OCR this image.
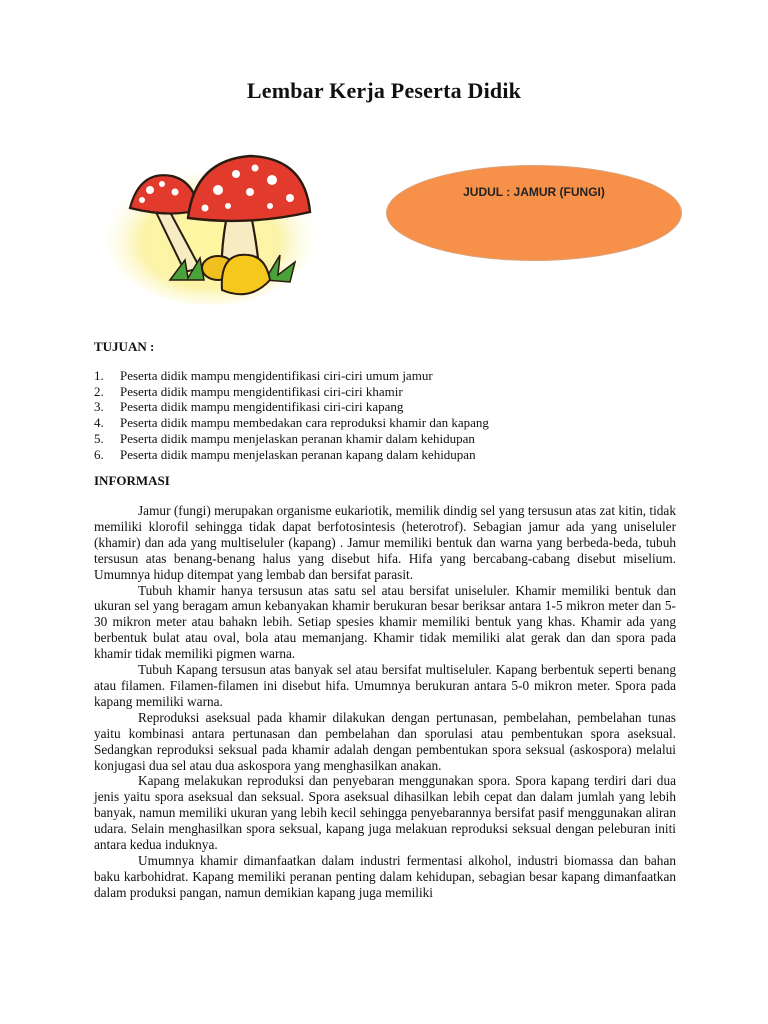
Lembar Kerja Peserta Didik
JUDUL : JAMUR (FUNGI)
TUJUAN :
1.	Peserta didik mampu mengidentifikasi ciri-ciri umum jamur
2.	Peserta didik mampu mengidentifikasi ciri-ciri khamir
3.	Peserta didik mampu mengidentifikasi ciri-ciri kapang
4.	Peserta didik mampu membedakan cara reproduksi khamir dan kapang
5.	Peserta didik mampu menjelaskan peranan khamir dalam kehidupan
6.	Peserta didik mampu menjelaskan peranan kapang dalam kehidupan
INFORMASI

Jamur (fungi) merupakan organisme eukariotik, memilik dindig sel yang tersusun atas zat kitin, tidak memiliki klorofil sehingga tidak dapat berfotosintesis (heterotrof). Sebagian jamur ada yang uniseluler (khamir) dan ada yang multiseluler (kapang) . Jamur memiliki bentuk dan warna yang berbeda-beda, tubuh tersusun atas benang-benang halus yang disebut hifa. Hifa yang bercabang-cabang disebut miselium. Umumnya hidup ditempat yang lembab dan bersifat parasit.

Tubuh khamir hanya tersusun atas satu sel atau bersifat uniseluler. Khamir memiliki bentuk dan ukuran sel yang beragam amun kebanyakan khamir berukuran besar beriksar antara 1-5 mikron meter dan 5-30 mikron meter atau bahakn lebih. Setiap spesies khamir memiliki bentuk yang khas. Khamir ada yang berbentuk bulat atau oval, bola atau memanjang. Khamir tidak memiliki alat gerak dan dan spora pada khamir tidak memiliki pigmen warna.

Tubuh Kapang tersusun atas banyak sel atau bersifat multiseluler. Kapang berbentuk seperti benang atau filamen. Filamen-filamen ini disebut hifa. Umumnya berukuran antara 5-0 mikron meter. Spora pada kapang memiliki warna.

Reproduksi aseksual pada khamir dilakukan dengan pertunasan, pembelahan, pembelahan tunas yaitu kombinasi antara pertunasan dan pembelahan dan sporulasi atau pembentukan spora aseksual. Sedangkan reproduksi seksual pada khamir adalah dengan pembentukan spora seksual (askospora) melalui konjugasi dua sel atau dua askospora yang menghasilkan anakan.

Kapang melakukan reproduksi dan penyebaran menggunakan spora. Spora kapang terdiri dari dua jenis yaitu spora aseksual dan seksual. Spora aseksual dihasilkan lebih cepat dan dalam jumlah yang lebih banyak, namun memiliki ukuran yang lebih kecil sehingga penyebarannya bersifat pasif menggunakan aliran udara. Selain menghasilkan spora seksual, kapang juga melakuan reproduksi seksual dengan peleburan initi antara kedua induknya.

Umumnya khamir dimanfaatkan dalam industri fermentasi alkohol, industri biomassa dan bahan baku karbohidrat. Kapang memiliki peranan penting dalam kehidupan, sebagian besar kapang dimanfaatkan dalam produksi pangan, namun demikian kapang juga memiliki
